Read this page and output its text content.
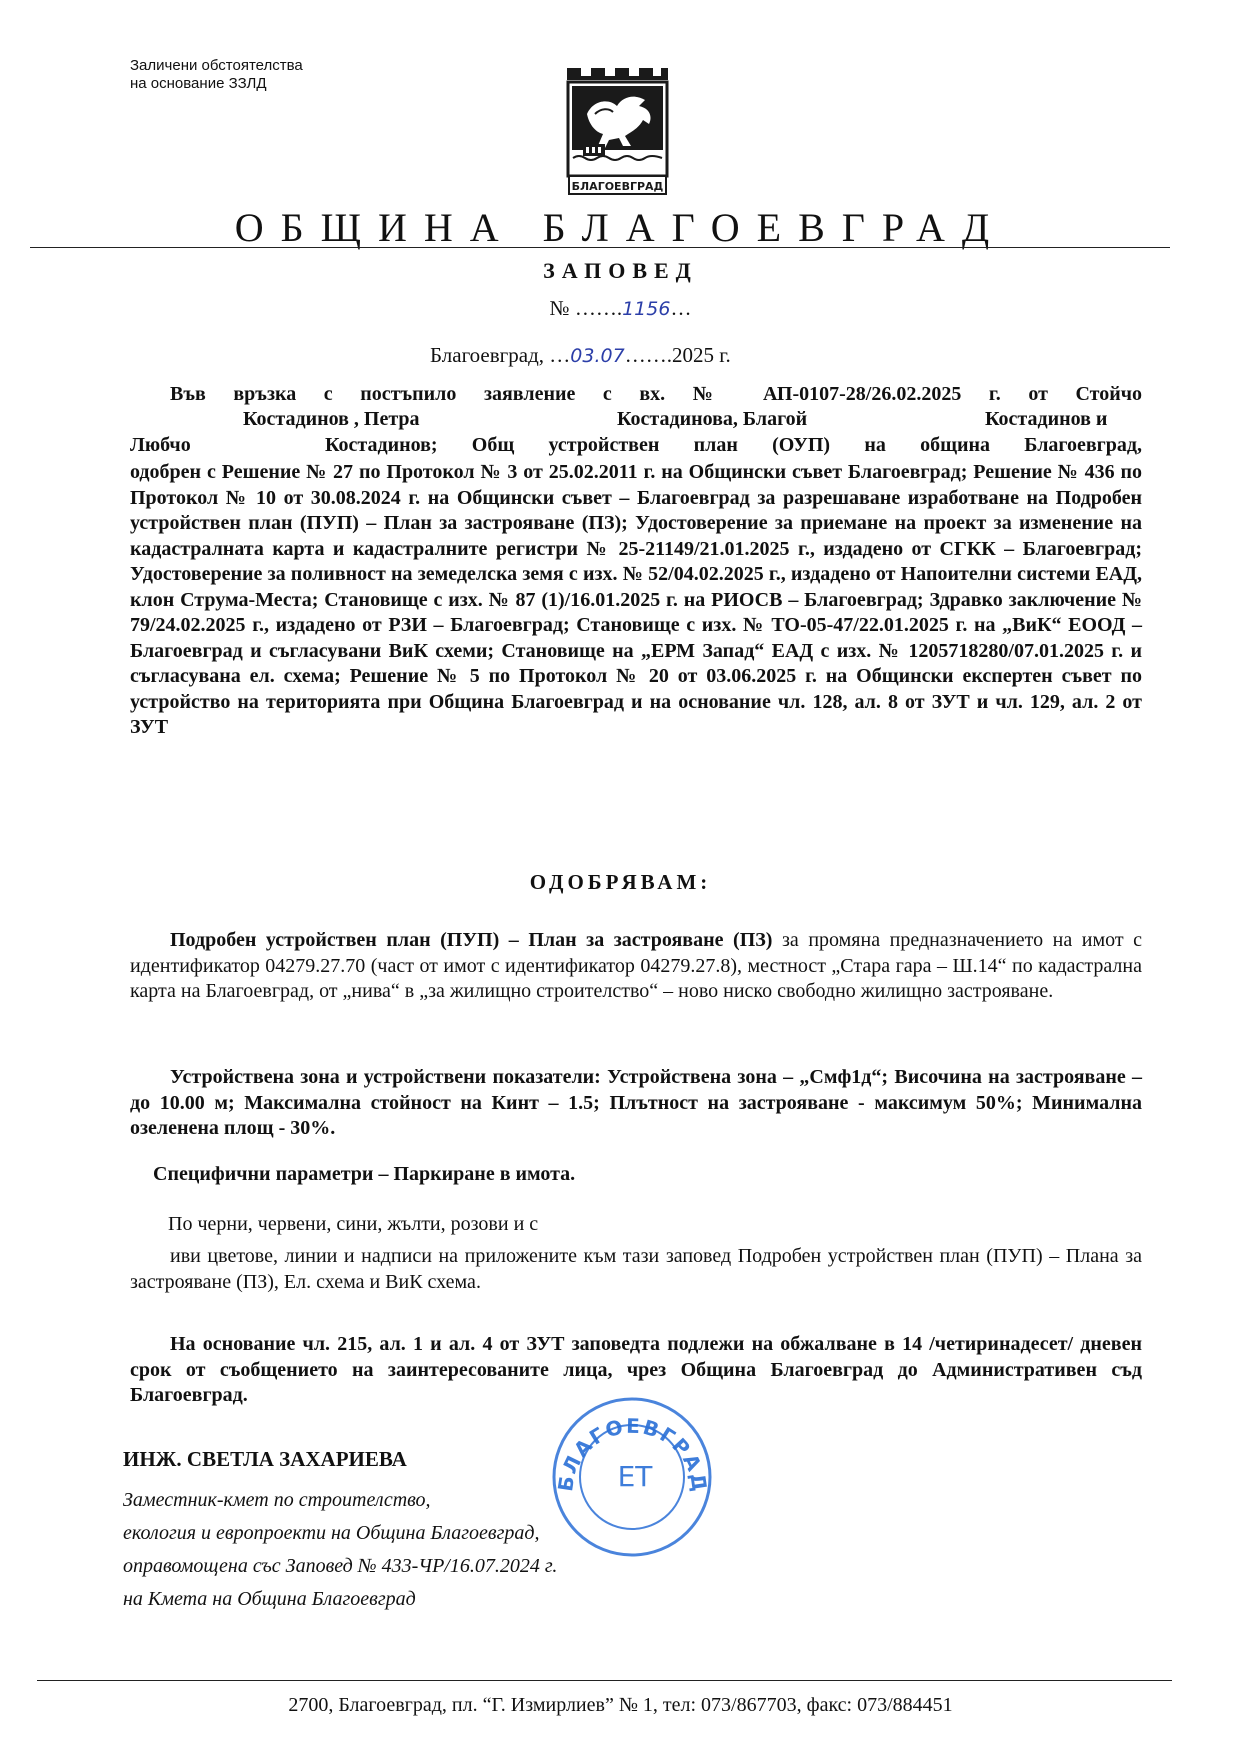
Заличени обстоятелства
на основание ЗЗЛД
БЛАГОЕВГРАД
ОБЩИНА БЛАГОЕВГРАД
ЗАПОВЕД
№ …….1156…
Благоевград, …03.07…….2025 г.
Във връзка с постъпило заявление с вх. № АП-0107-28/26.02.2025 г. от Стойчо
Костадинов , Петра	Костадинова, Благой	Костадинов и
Любчо	Костадинов; Общ устройствен план (ОУП) на община Благоевград,

одобрен с Решение № 27 по Протокол № 3 от 25.02.2011 г. на Общински съвет Благоевград; Решение № 436 по Протокол № 10 от 30.08.2024 г. на Общински съвет – Благоевград за разрешаване изработване на Подробен устройствен план (ПУП) – План за застрояване (ПЗ); Удостоверение за приемане на проект за изменение на кадастралната карта и кадастралните регистри № 25-21149/21.01.2025 г., издадено от СГКК – Благоевград; Удостоверение за поливност на земеделска земя с изх. № 52/04.02.2025 г., издадено от Напоителни системи ЕАД, клон Струма-Места; Становище с изх. № 87 (1)/16.01.2025 г. на РИОСВ – Благоевград; Здравко заключение № 79/24.02.2025 г., издадено от РЗИ – Благоевград; Становище с изх. № ТО-05-47/22.01.2025 г. на „ВиК“ ЕООД – Благоевград и съгласувани ВиК схеми; Становище на „ЕРМ Запад“ ЕАД с изх. № 1205718280/07.01.2025 г. и съгласувана ел. схема; Решение № 5 по Протокол № 20 от 03.06.2025 г. на Общински експертен съвет по устройство на територията при Община Благоевград и на основание чл. 128, ал. 8 от ЗУТ и чл. 129, ал. 2 от ЗУТ

ОДОБРЯВАМ:

Подробен устройствен план (ПУП) – План за застрояване (ПЗ) за промяна предназначението на имот с идентификатор 04279.27.70 (част от имот с идентификатор 04279.27.8), местност „Стара гара – Ш.14“ по кадастрална карта на Благоевград, от „нива“ в „за жилищно строителство“ – ново ниско свободно жилищно застрояване.

Устройствена зона и устройствени показатели: Устройствена зона – „Смф1д“; Височина на застрояване – до 10.00 м; Максимална стойност на Кинт – 1.5; Плътност на застрояване - максимум 50%; Минимална озеленена площ - 30%.

Специфични параметри – Паркиране в имота.
По черни, червени, сини, жълти, розови и с

иви цветове, линии и надписи на приложените към тази заповед Подробен устройствен план (ПУП) – Плана за застрояване (ПЗ), Ел. схема и ВиК схема.

На основание чл. 215, ал. 1 и ал. 4 от ЗУТ заповедта подлежи на обжалване в 14 /четиринадесет/ дневен срок от съобщението на заинтересованите лица, чрез Община Благоевград до Административен съд Благоевград.

БЛАГОЕВГРАД
ЕТ
ИНЖ. СВЕТЛА ЗАХАРИЕВА
Заместник-кмет по строителство,
екология и европроекти на Община Благоевград,
оправомощена със Заповед № 433-ЧР/16.07.2024 г.
на Кмета на Община Благоевград
2700, Благоевград, пл. “Г. Измирлиев” № 1, тел: 073/867703, факс: 073/884451
